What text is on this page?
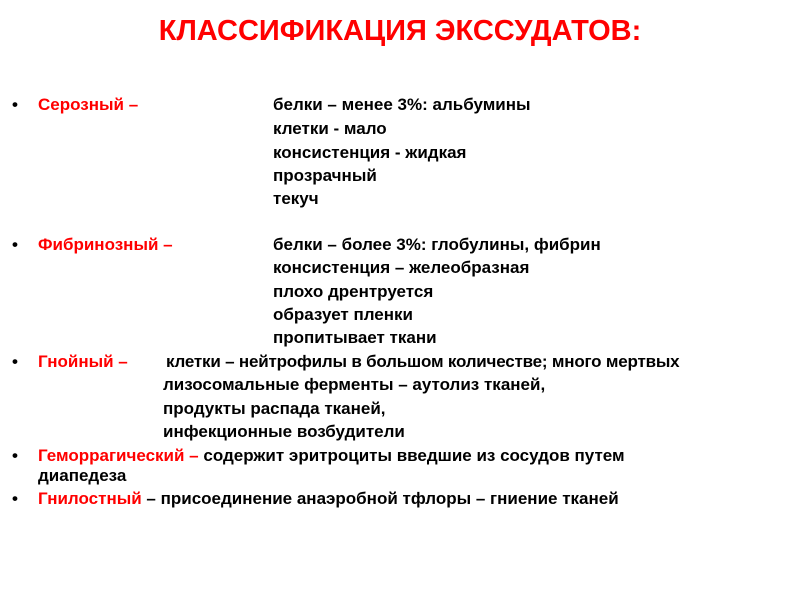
КЛАССИФИКАЦИЯ ЭКССУДАТОВ:
• Серозный –	белки – менее 3%: альбумины
клетки - мало
консистенция - жидкая
прозрачный
текуч
• Фибринозный –	белки – более 3%: глобулины, фибрин
консистенция – желеобразная
плохо дрентруется
образует пленки
пропитывает ткани
• Гнойный – клетки – нейтрофилы в большом количестве; много мертвых
лизосомальные ферменты – аутолиз тканей,
продукты распада тканей,
инфекционные возбудители
• Геморрагический – содержит эритроциты введшие из сосудов путем
диапедеза
• Гнилостный – присоединение анаэробной тфлоры – гниение тканей
